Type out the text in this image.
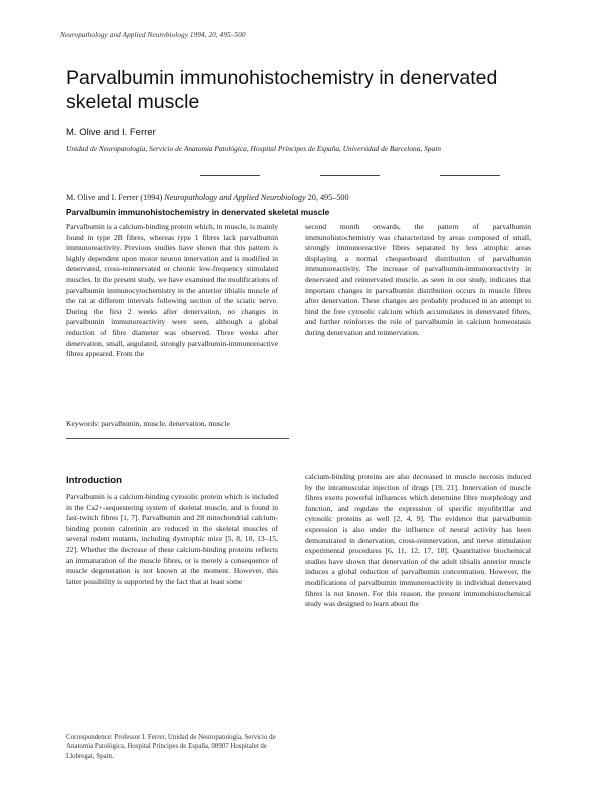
Neuropathology and Applied Neurobiology 1994, 20, 495–500
Parvalbumin immunohistochemistry in denervated skeletal muscle
M. Olive and I. Ferrer
Unidad de Neuropatología, Servicio de Anatomía Patológica, Hospital Príncipes de España, Universidad de Barcelona, Spain
M. Olive and I. Ferrer (1994) Neuropathology and Applied Neurobiology 20, 495–500
Parvalbumin immunohistochemistry in denervated skeletal muscle

Parvalbumin is a calcium-binding protein which, in muscle, is mainly found in type 2B fibres, whereas type 1 fibres lack parvalbumin immunoreactivity. Previous studies have shown that this pattern is highly dependent upon motor neuron innervation and is modified in denervated, cross-reinnervated or chronic low-frequency stimulated muscles. In the present study, we have examined the modifications of parvalbumin immunocytochemistry in the anterior tibialis muscle of the rat at different intervals following section of the sciatic nerve. During the first 2 weeks after denervation, no changes in parvalbumin immunoreactivity were seen, although a global reduction of fibre diameter was observed. Three weeks after denervation, small, angulated, strongly parvalbumin-immunoreactive fibres appeared. From the

second month onwards, the pattern of parvalbumin immunohistochemistry was characterized by areas composed of small, strongly immunoreactive fibres separated by less atrophic areas displaying a normal chequerboard distribution of parvalbumin immunoreactivity. The increase of parvalbumin-immunoreactivity in denervated and reinnervated muscle, as seen in our study, indicates that important changes in parvalbumin distribution occurs in muscle fibres after denervation. These changes are probably produced in an attempt to bind the free cytosolic calcium which accumulates in denervated fibres, and further reinforces the role of parvalbumin in calcium homeostasis during denervation and reinnervation.

Keywords: parvalbumin, muscle, denervation, muscle
Introduction

Parvalbumin is a calcium-binding cytosolic protein which is included in the Ca2+-sequestering system of skeletal muscle, and is found in fast-twitch fibres [1, 7]. Parvalbumin and 28 mitochondrial calcium-binding protein calretinin are reduced in the skeletal muscles of several rodent mutants, including dystrophic mice [5, 8, 10, 13–15, 22]. Whether the decrease of these calcium-binding proteins reflects an immaturation of the muscle fibres, or is merely a consequence of muscle degeneration is not known at the moment. However, this latter possibility is supported by the fact that at least some

calcium-binding proteins are also decreased in muscle necrosis induced by the intramuscular injection of drugs [19, 21]. Innervation of muscle fibres exerts powerful influences which determine fibre morphology and function, and regulate the expression of specific myofibrillar and cytosolic proteins as well [2, 4, 9]. The evidence that parvalbumin expression is also under the influence of neural activity has been demonstrated in denervation, cross-reinnervation, and nerve stimulation experimental procedures [6, 11, 12, 17, 18]. Quantitative biochemical studies have shown that denervation of the adult tibialis anterior muscle induces a global reduction of parvalbumin concentration. However, the modifications of parvalbumin immunoreactivity in individual denervated fibres is not known. For this reason, the present immunohistochemical study was designed to learn about the

Correspondence: Professor I. Ferrer, Unidad de Neuropatología, Servicio de Anatomía Patológica, Hospital Príncipes de España, 08907 Hospitalet de Llobregat, Spain.
